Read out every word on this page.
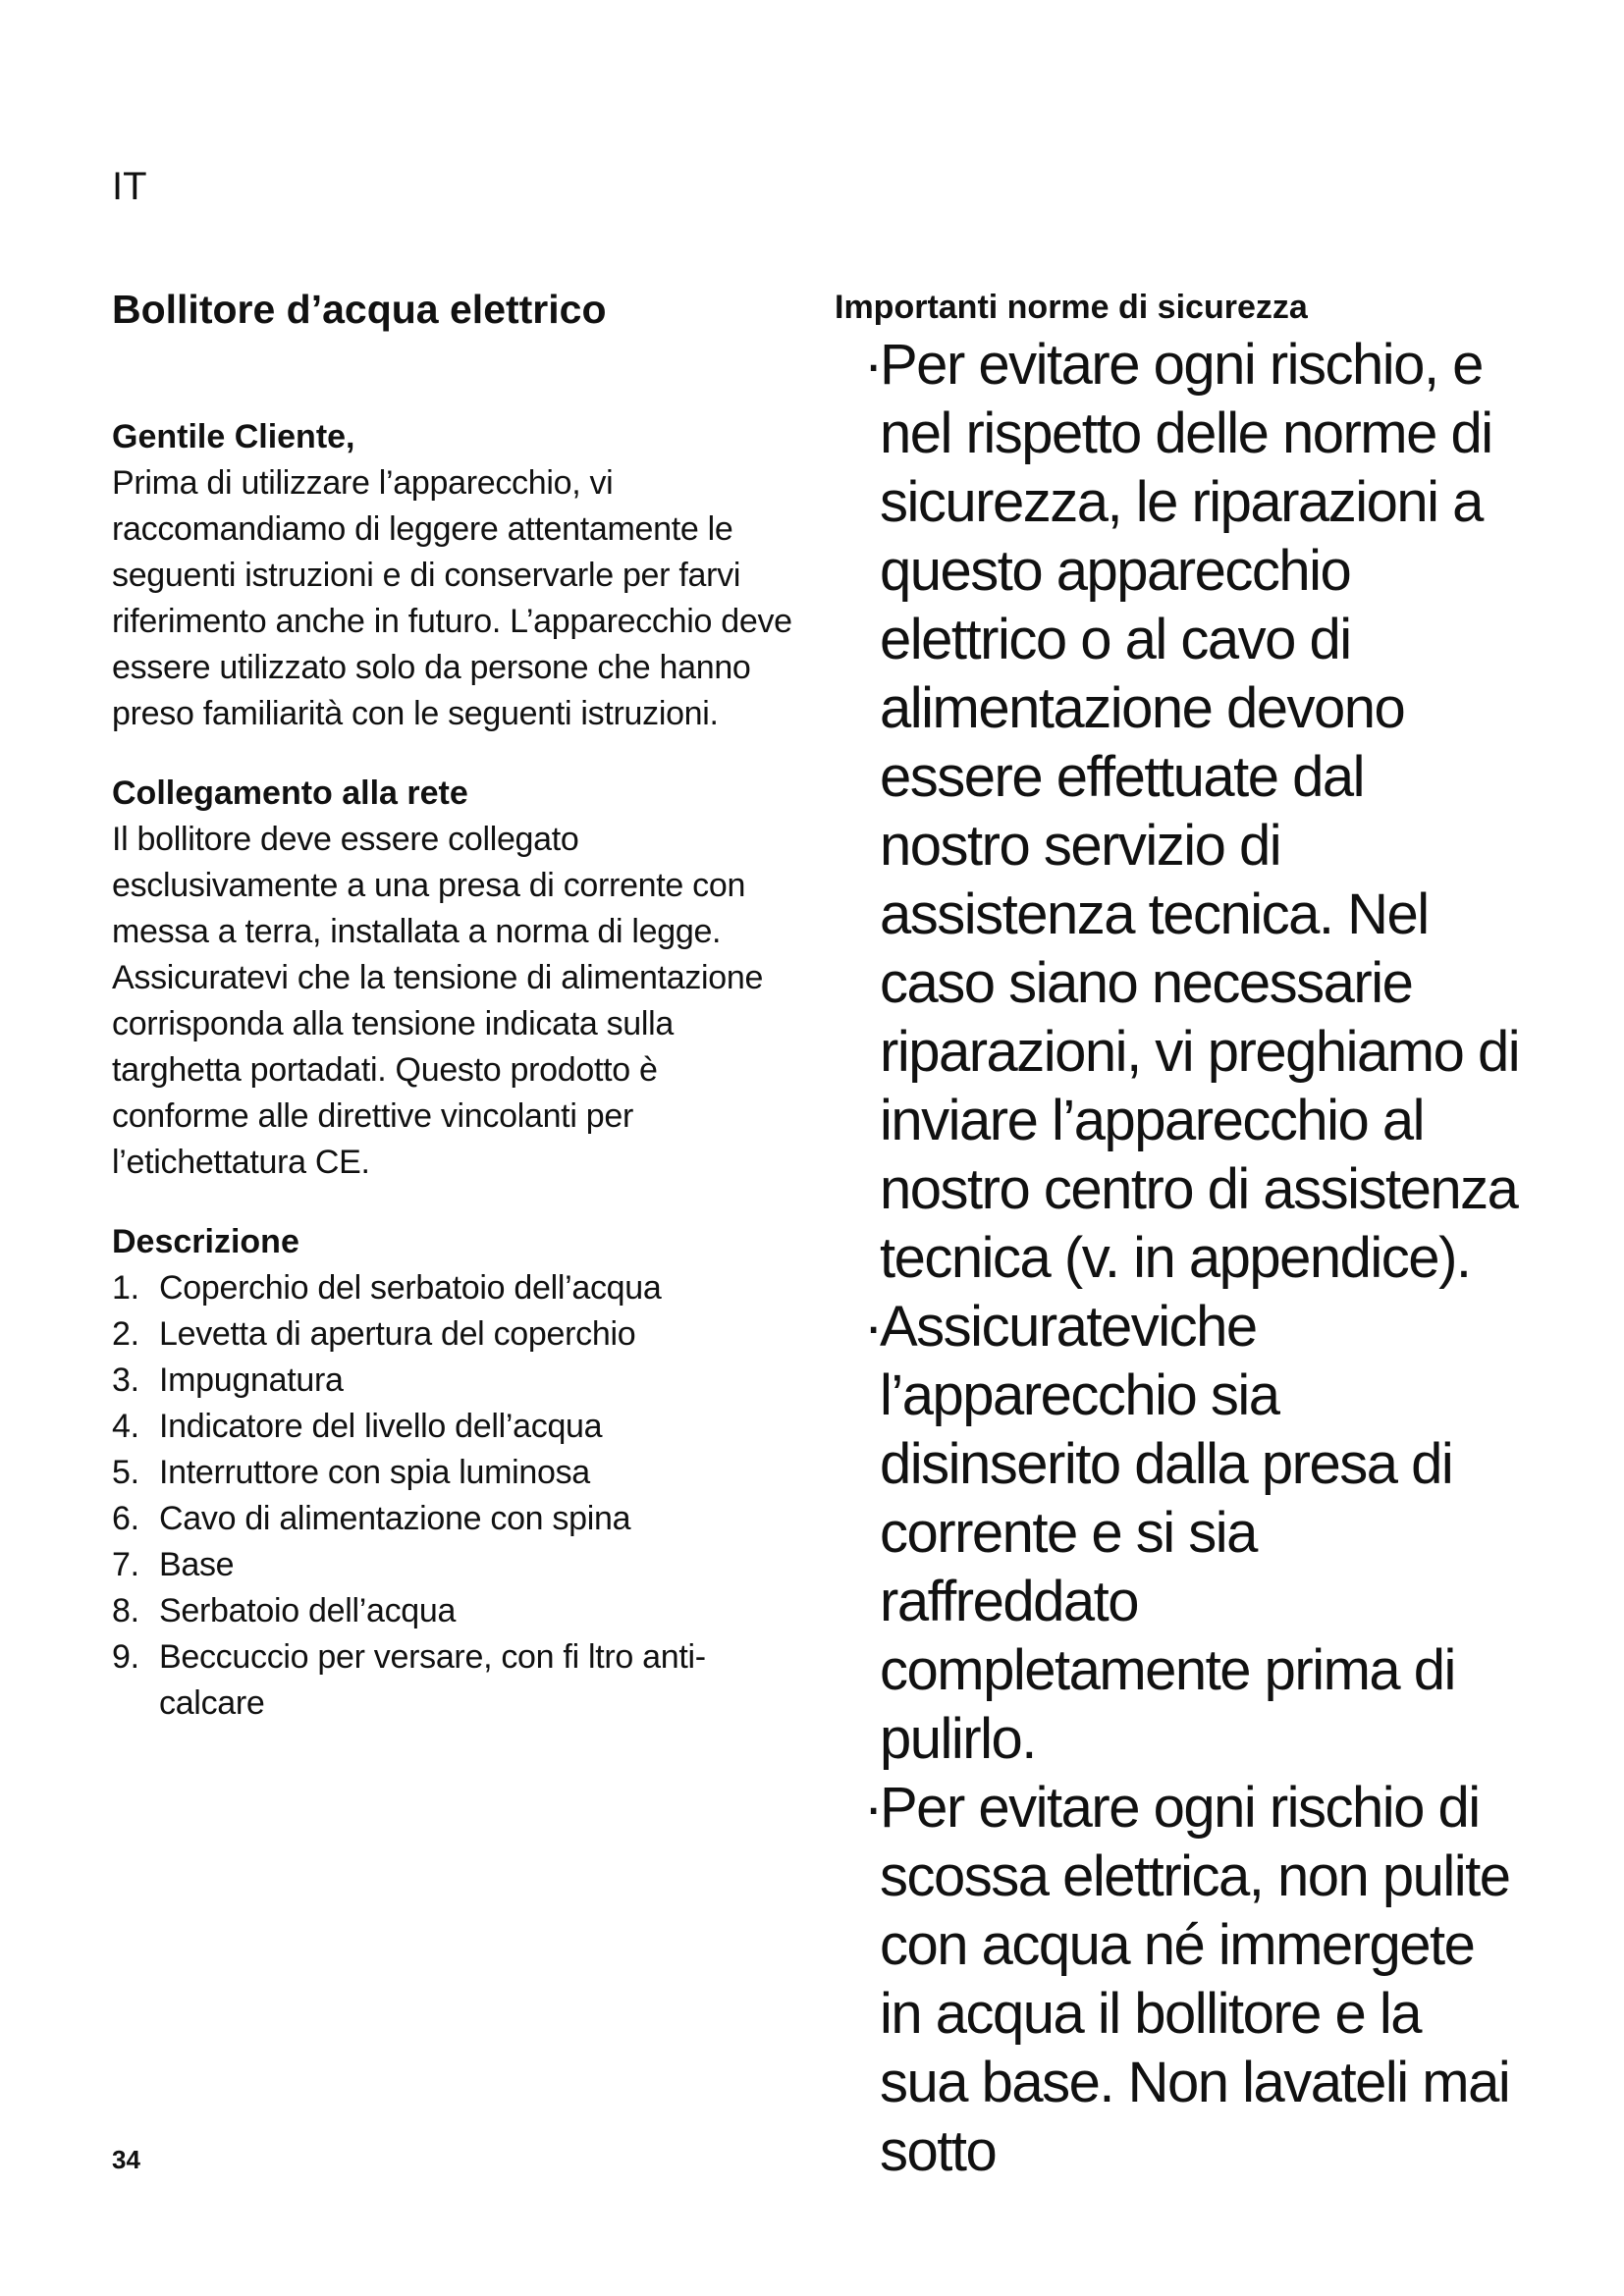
IT

Bollitore d’acqua elettrico
Gentile Cliente,

Prima di utilizzare l’apparecchio, vi raccomandiamo di leggere attentamente le seguenti istruzioni e di conservarle per farvi riferimento anche in futuro. L’apparecchio deve essere utilizzato solo da persone che hanno preso familiarità con le seguenti istruzioni.

Collegamento alla rete

Il bollitore deve essere collegato esclusivamente a una presa di corrente con messa a terra, installata a norma di legge. Assicuratevi che la tensione di alimentazione corrisponda alla tensione indicata sulla targhetta portadati. Questo prodotto è conforme alle direttive vincolanti per l’etichettatura CE.

Descrizione
1. Coperchio del serbatoio dell’acqua
2. Levetta di apertura del coperchio
3. Impugnatura
4. Indicatore del livello dell’acqua
5. Interruttore con spia luminosa
6. Cavo di alimentazione con spina
7. Base
8. Serbatoio dell’acqua
9. Beccuccio per versare, con fi ltro anti-calcare
Importanti norme di sicurezza
·
Per evitare ogni rischio, e nel rispetto delle norme di sicurezza, le riparazioni a questo apparecchio elettrico o al cavo di alimentazione devono essere effettuate dal nostro servizio di assistenza tecnica. Nel caso siano necessarie riparazioni, vi preghiamo di inviare l’apparecchio al nostro centro di assistenza tecnica (v. in appendice).
·
Assicurateviche l’apparecchio sia disinserito dalla presa di corrente e si sia raffreddato completamente prima di pulirlo.
·
Per evitare ogni rischio di scossa elettrica, non pulite con acqua né immergete in acqua il bollitore e la sua base. Non lavateli mai sotto

34
